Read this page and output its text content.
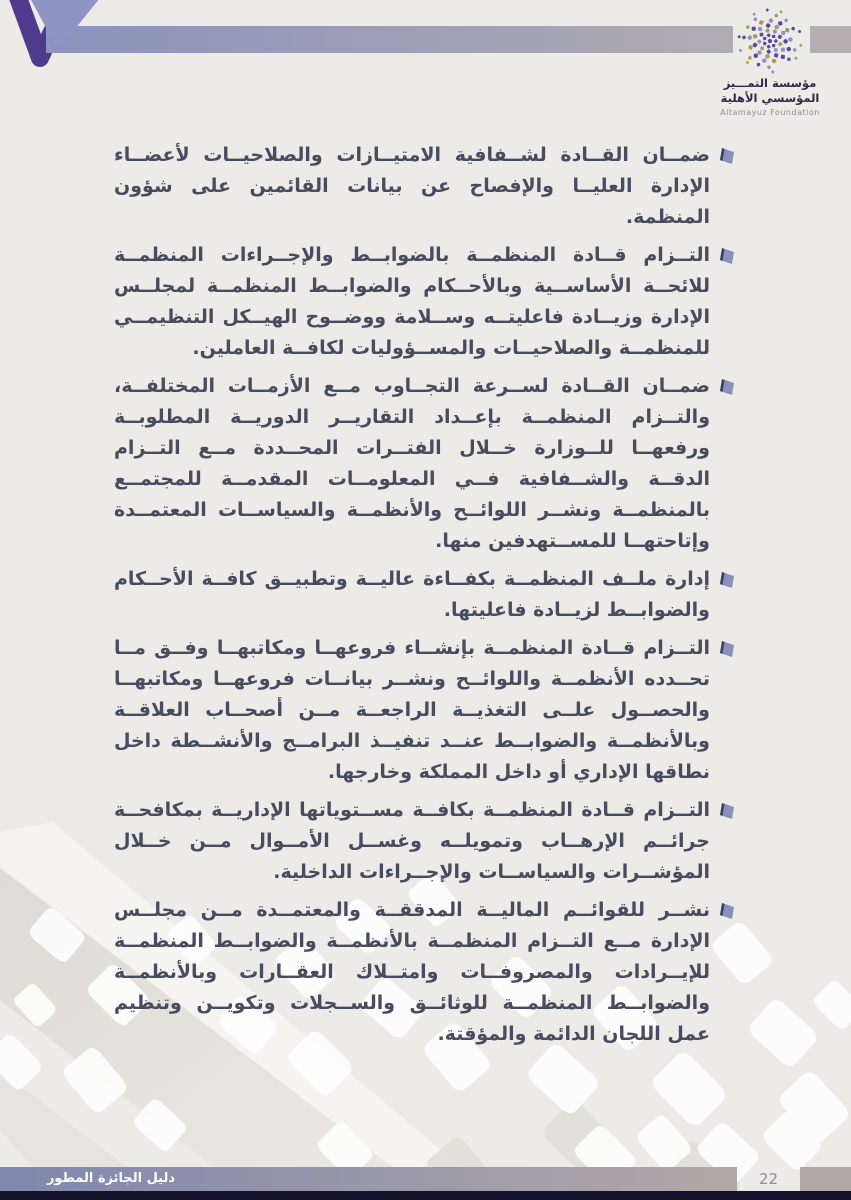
مؤسسة التمـــيز
المؤسسي الأهلية
Altamayuz Foundation
ضمــان القــادة لشــفافية الامتيــازات والصلاحيــات لأعضــاء الإدارة العليــا والإفصاح عن بيانات القائمين على شؤون المنظمة.
التــزام قــادة المنظمــة بالضوابــط والإجــراءات المنظمــة للائحــة الأساســية وبالأحــكام والضوابــط المنظمــة لمجلــس الإدارة وزيــادة فاعليتــه وســلامة ووضــوح الهيــكل التنظيمــي للمنظمــة والصلاحيــات والمســؤوليات لكافــة العاملين.
ضمــان القــادة لســرعة التجــاوب مــع الأزمــات المختلفــة، والتــزام المنظمــة بإعــداد التقاريــر الدوريــة المطلوبــة ورفعهــا للــوزارة خــلال الفتــرات المحــددة مــع التــزام الدقــة والشــفافية فــي المعلومــات المقدمــة للمجتمــع بالمنظمــة ونشــر اللوائــح والأنظمــة والسياســات المعتمــدة وإتاحتهــا للمســتهدفين منها.
إدارة ملــف المنظمــة بكفــاءة عاليــة وتطبيــق كافــة الأحــكام والضوابــط لزيــادة فاعليتها.
التــزام قــادة المنظمــة بإنشــاء فروعهــا ومكاتبهــا وفــق مــا تحــدده الأنظمــة واللوائــح ونشــر بيانــات فروعهــا ومكاتبهــا والحصــول علــى التغذيــة الراجعــة مــن أصحــاب العلاقــة وبالأنظمــة والضوابــط عنــد تنفيــذ البرامــج والأنشــطة داخل نطاقها الإداري أو داخل المملكة وخارجها.
التــزام قــادة المنظمــة بكافــة مســتوياتها الإداريــة بمكافحــة جرائــم الإرهــاب وتمويلــه وغســل الأمــوال مــن خــلال المؤشــرات والسياســات والإجــراءات الداخلية.
نشــر للقوائــم الماليــة المدققــة والمعتمــدة مــن مجلــس الإدارة مــع التــزام المنظمــة بالأنظمــة والضوابــط المنظمــة للإيــرادات والمصروفــات وامتــلاك العقــارات وبالأنظمــة والضوابــط المنظمــة للوثائــق والســجلات وتكويــن وتنظيم عمل اللجان الدائمة والمؤقتة.
دليل الجائزة المطور	22
